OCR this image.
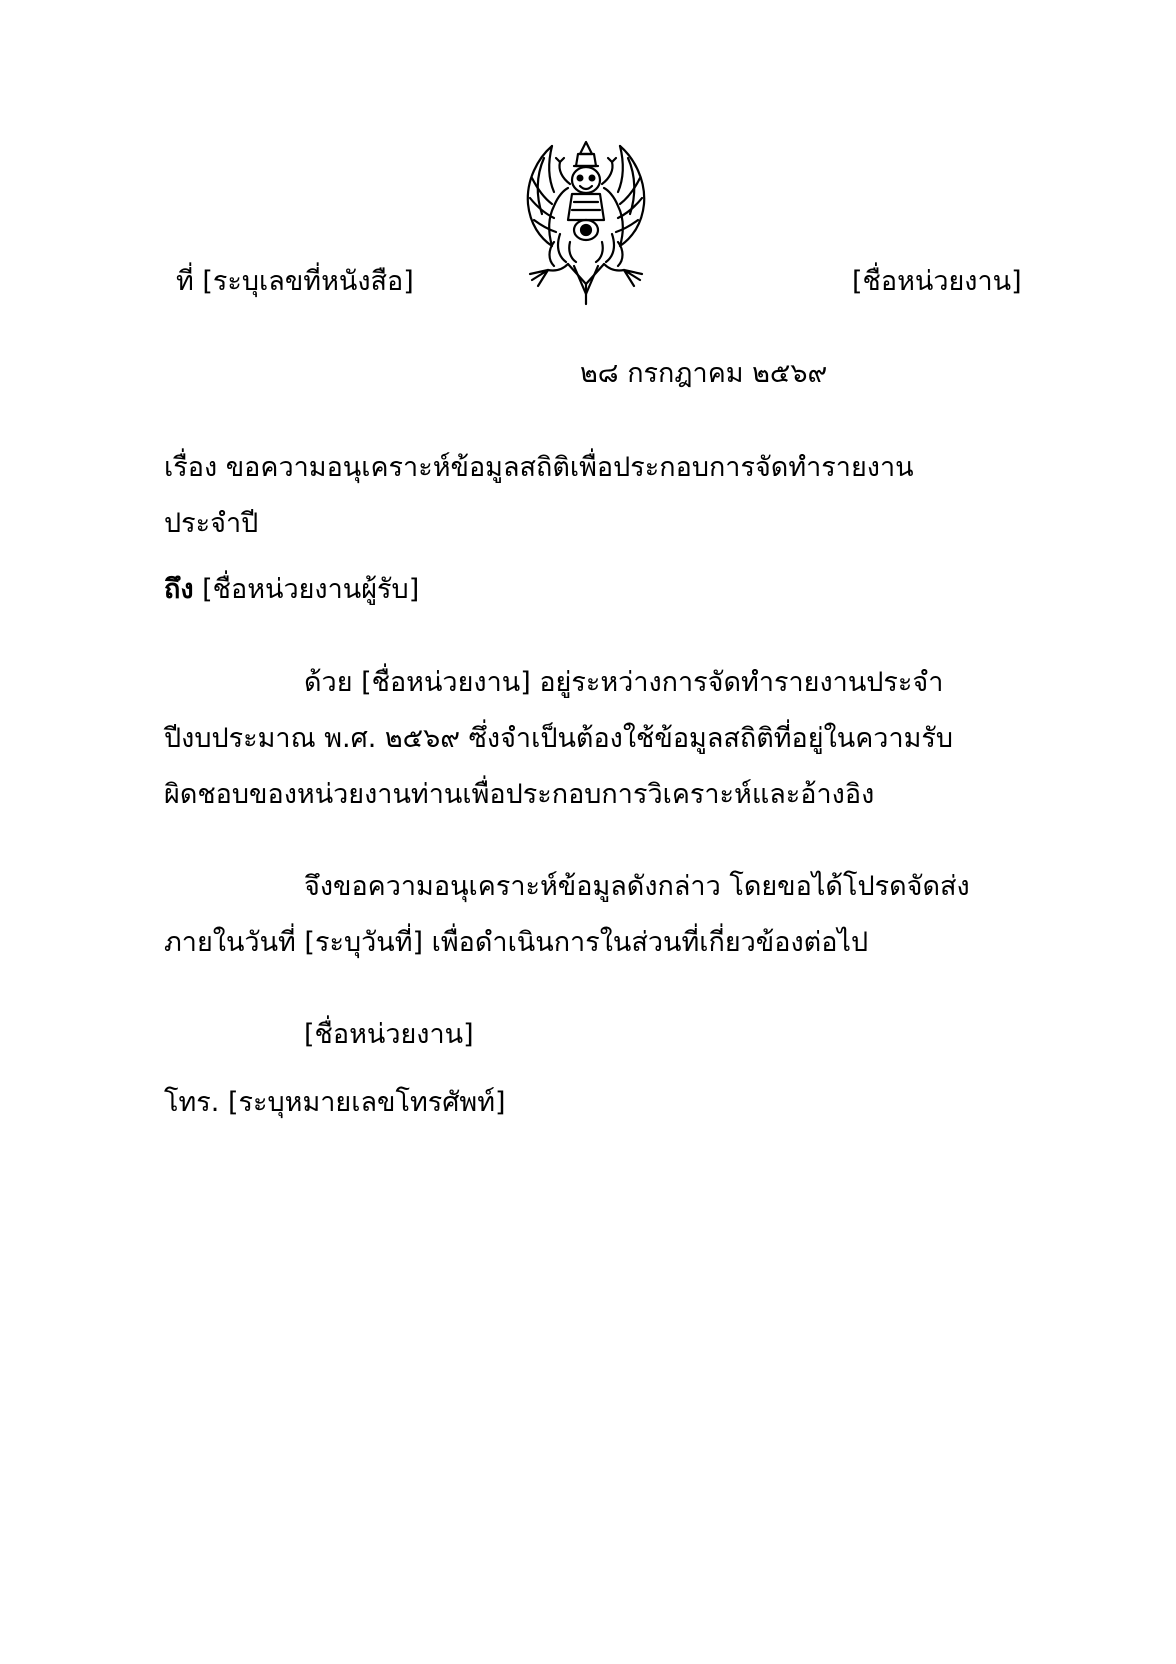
ที่ [ระบุเลขที่หนังสือ]	[ชื่อหน่วยงาน]
๒๘ กรกฎาคม ๒๕๖๙
เรื่อง ขอความอนุเคราะห์ข้อมูลสถิติเพื่อประกอบการจัดทำรายงาน
ประจำปี
ถึง [ชื่อหน่วยงานผู้รับ]
ด้วย [ชื่อหน่วยงาน] อยู่ระหว่างการจัดทำรายงานประจำ
ปีงบประมาณ พ.ศ. ๒๕๖๙ ซึ่งจำเป็นต้องใช้ข้อมูลสถิติที่อยู่ในความรับ
ผิดชอบของหน่วยงานท่านเพื่อประกอบการวิเคราะห์และอ้างอิง
จึงขอความอนุเคราะห์ข้อมูลดังกล่าว โดยขอได้โปรดจัดส่ง
ภายในวันที่ [ระบุวันที่] เพื่อดำเนินการในส่วนที่เกี่ยวข้องต่อไป
[ชื่อหน่วยงาน]
โทร. [ระบุหมายเลขโทรศัพท์]
